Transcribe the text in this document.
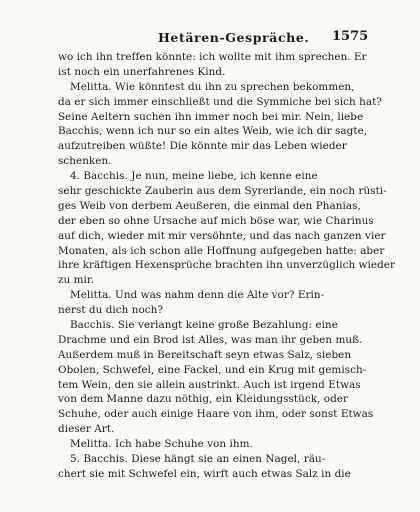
Hetären-Gespräche. 1575
wo ich ihn treffen könnte: ich wollte mit ihm sprechen. Er
ist noch ein unerfahrenes Kind.
Melitta. Wie könntest du ihn zu sprechen bekommen,
da er sich immer einschließt und die Symmiche bei sich hat?
Seine Aeltern suchen ihn immer noch bei mir. Nein, liebe
Bacchis, wenn ich nur so ein altes Weib, wie ich dir sagte,
aufzutreiben wüßte! Die könnte mir das Leben wieder
schenken.
4. Bacchis. Je nun, meine liebe, ich kenne eine
sehr geschickte Zauberin aus dem Syrerlande, ein noch rüsti-
ges Weib von derbem Aeußeren, die einmal den Phanias,
der eben so ohne Ursache auf mich böse war, wie Charinus
auf dich, wieder mit mir versöhnte, und das nach ganzen vier
Monaten, als ich schon alle Hoffnung aufgegeben hatte: aber
ihre kräftigen Hexensprüche brachten ihn unverzüglich wieder
zu mir.
Melitta. Und was nahm denn die Alte vor? Erin-
nerst du dich noch?
Bacchis. Sie verlangt keine große Bezahlung: eine
Drachme und ein Brod ist Alles, was man ihr geben muß.
Außerdem muß in Bereitschaft seyn etwas Salz, sieben
Obolen, Schwefel, eine Fackel, und ein Krug mit gemisch-
tem Wein, den sie allein austrinkt. Auch ist irgend Etwas
von dem Manne dazu nöthig, ein Kleidungsstück, oder
Schuhe, oder auch einige Haare von ihm, oder sonst Etwas
dieser Art.
Melitta. Ich habe Schuhe von ihm.
5. Bacchis. Diese hängt sie an einen Nagel, räu-
chert sie mit Schwefel ein, wirft auch etwas Salz in die
